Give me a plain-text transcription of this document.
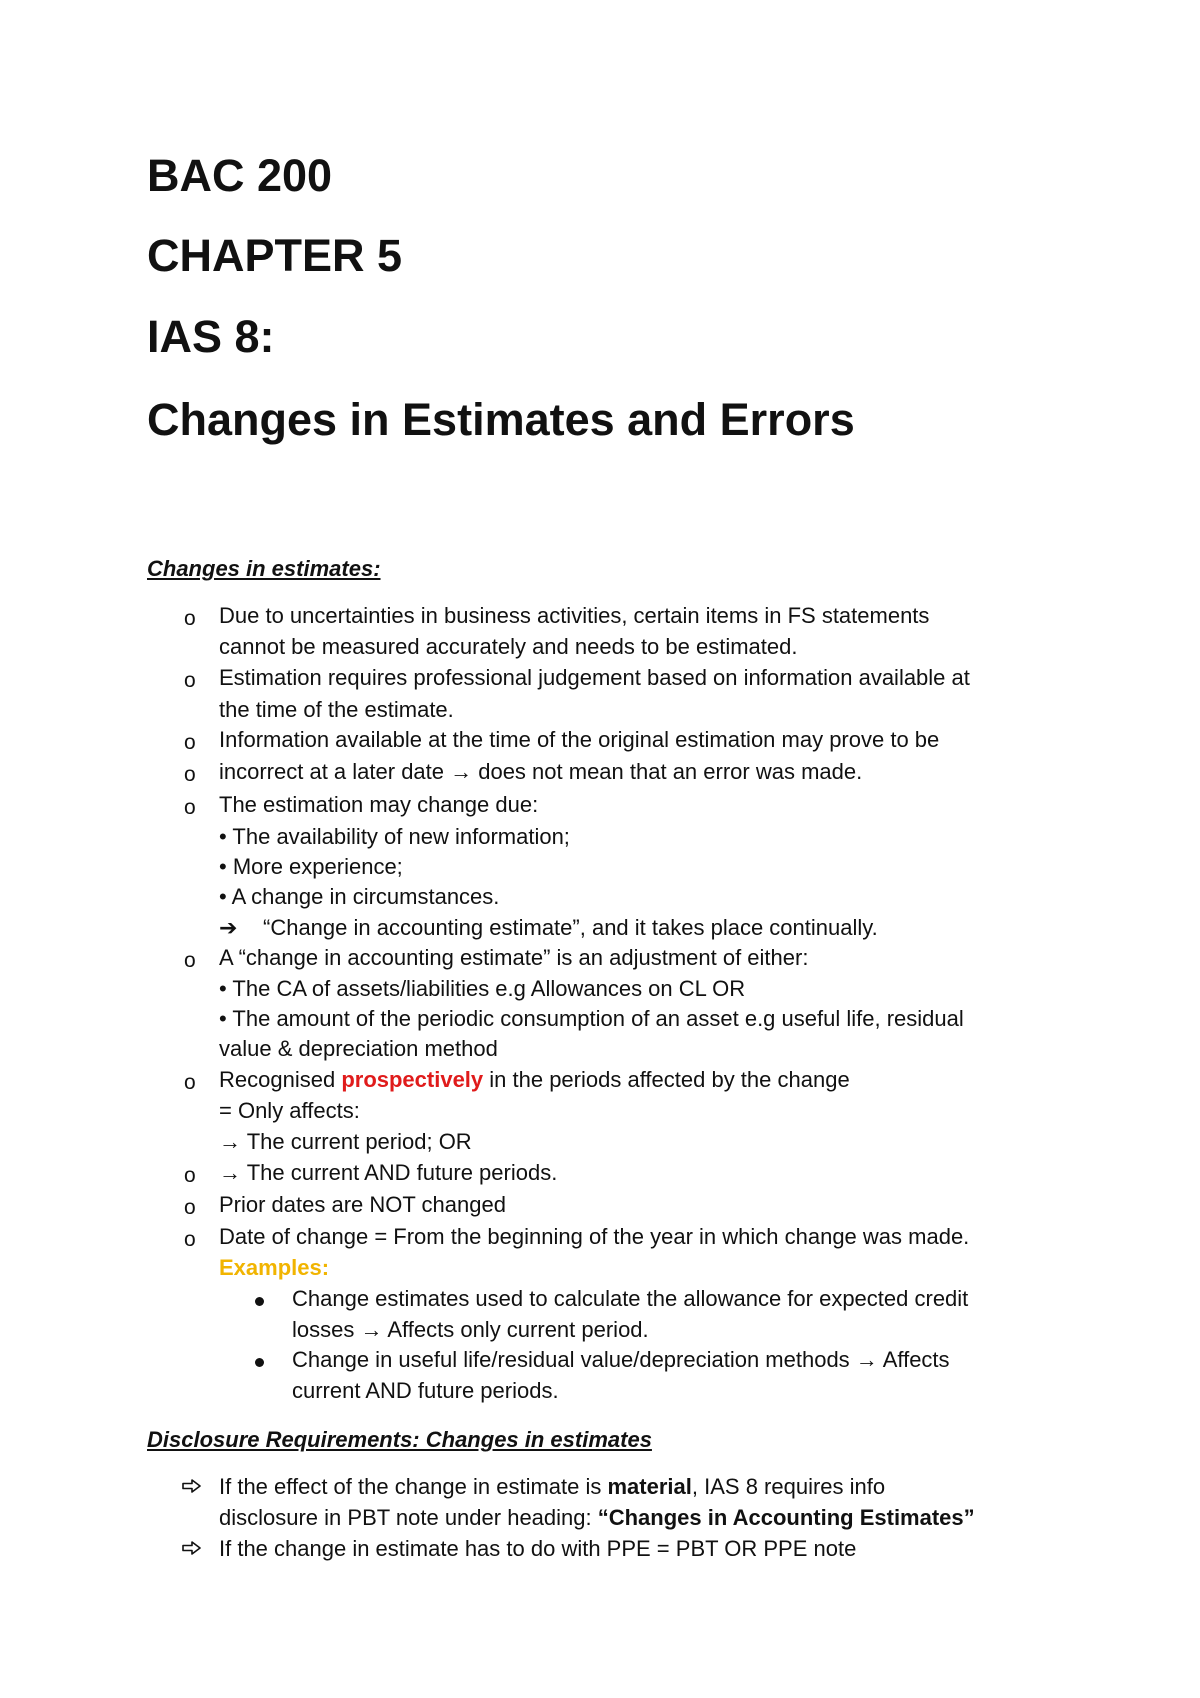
BAC 200
CHAPTER 5
IAS 8:
Changes in Estimates and Errors
Changes in estimates:
o
o
o
o
o
o
o
o
o
o

Due to uncertainties in business activities, certain items in FS statements

cannot be measured accurately and needs to be estimated.

Estimation requires professional judgement based on information available at

the time of the estimate.

Information available at the time of the original estimation may prove to be

incorrect at a later date → does not mean that an error was made.

The estimation may change due:

• The availability of new information;

• More experience;

• A change in circumstances.

➔ “Change in accounting estimate”, and it takes place continually.

A “change in accounting estimate” is an adjustment of either:

• The CA of assets/liabilities e.g Allowances on CL OR

• The amount of the periodic consumption of an asset e.g useful life, residual

value & depreciation method

Recognised prospectively in the periods affected by the change

= Only affects:

→ The current period; OR

→ The current AND future periods.

Prior dates are NOT changed

Date of change = From the beginning of the year in which change was made.

Examples:

Change estimates used to calculate the allowance for expected credit

losses → Affects only current period.

Change in useful life/residual value/depreciation methods → Affects

current AND future periods.

Disclosure Requirements: Changes in estimates

If the effect of the change in estimate is material, IAS 8 requires info

disclosure in PBT note under heading: “Changes in Accounting Estimates”

If the change in estimate has to do with PPE = PBT OR PPE note
